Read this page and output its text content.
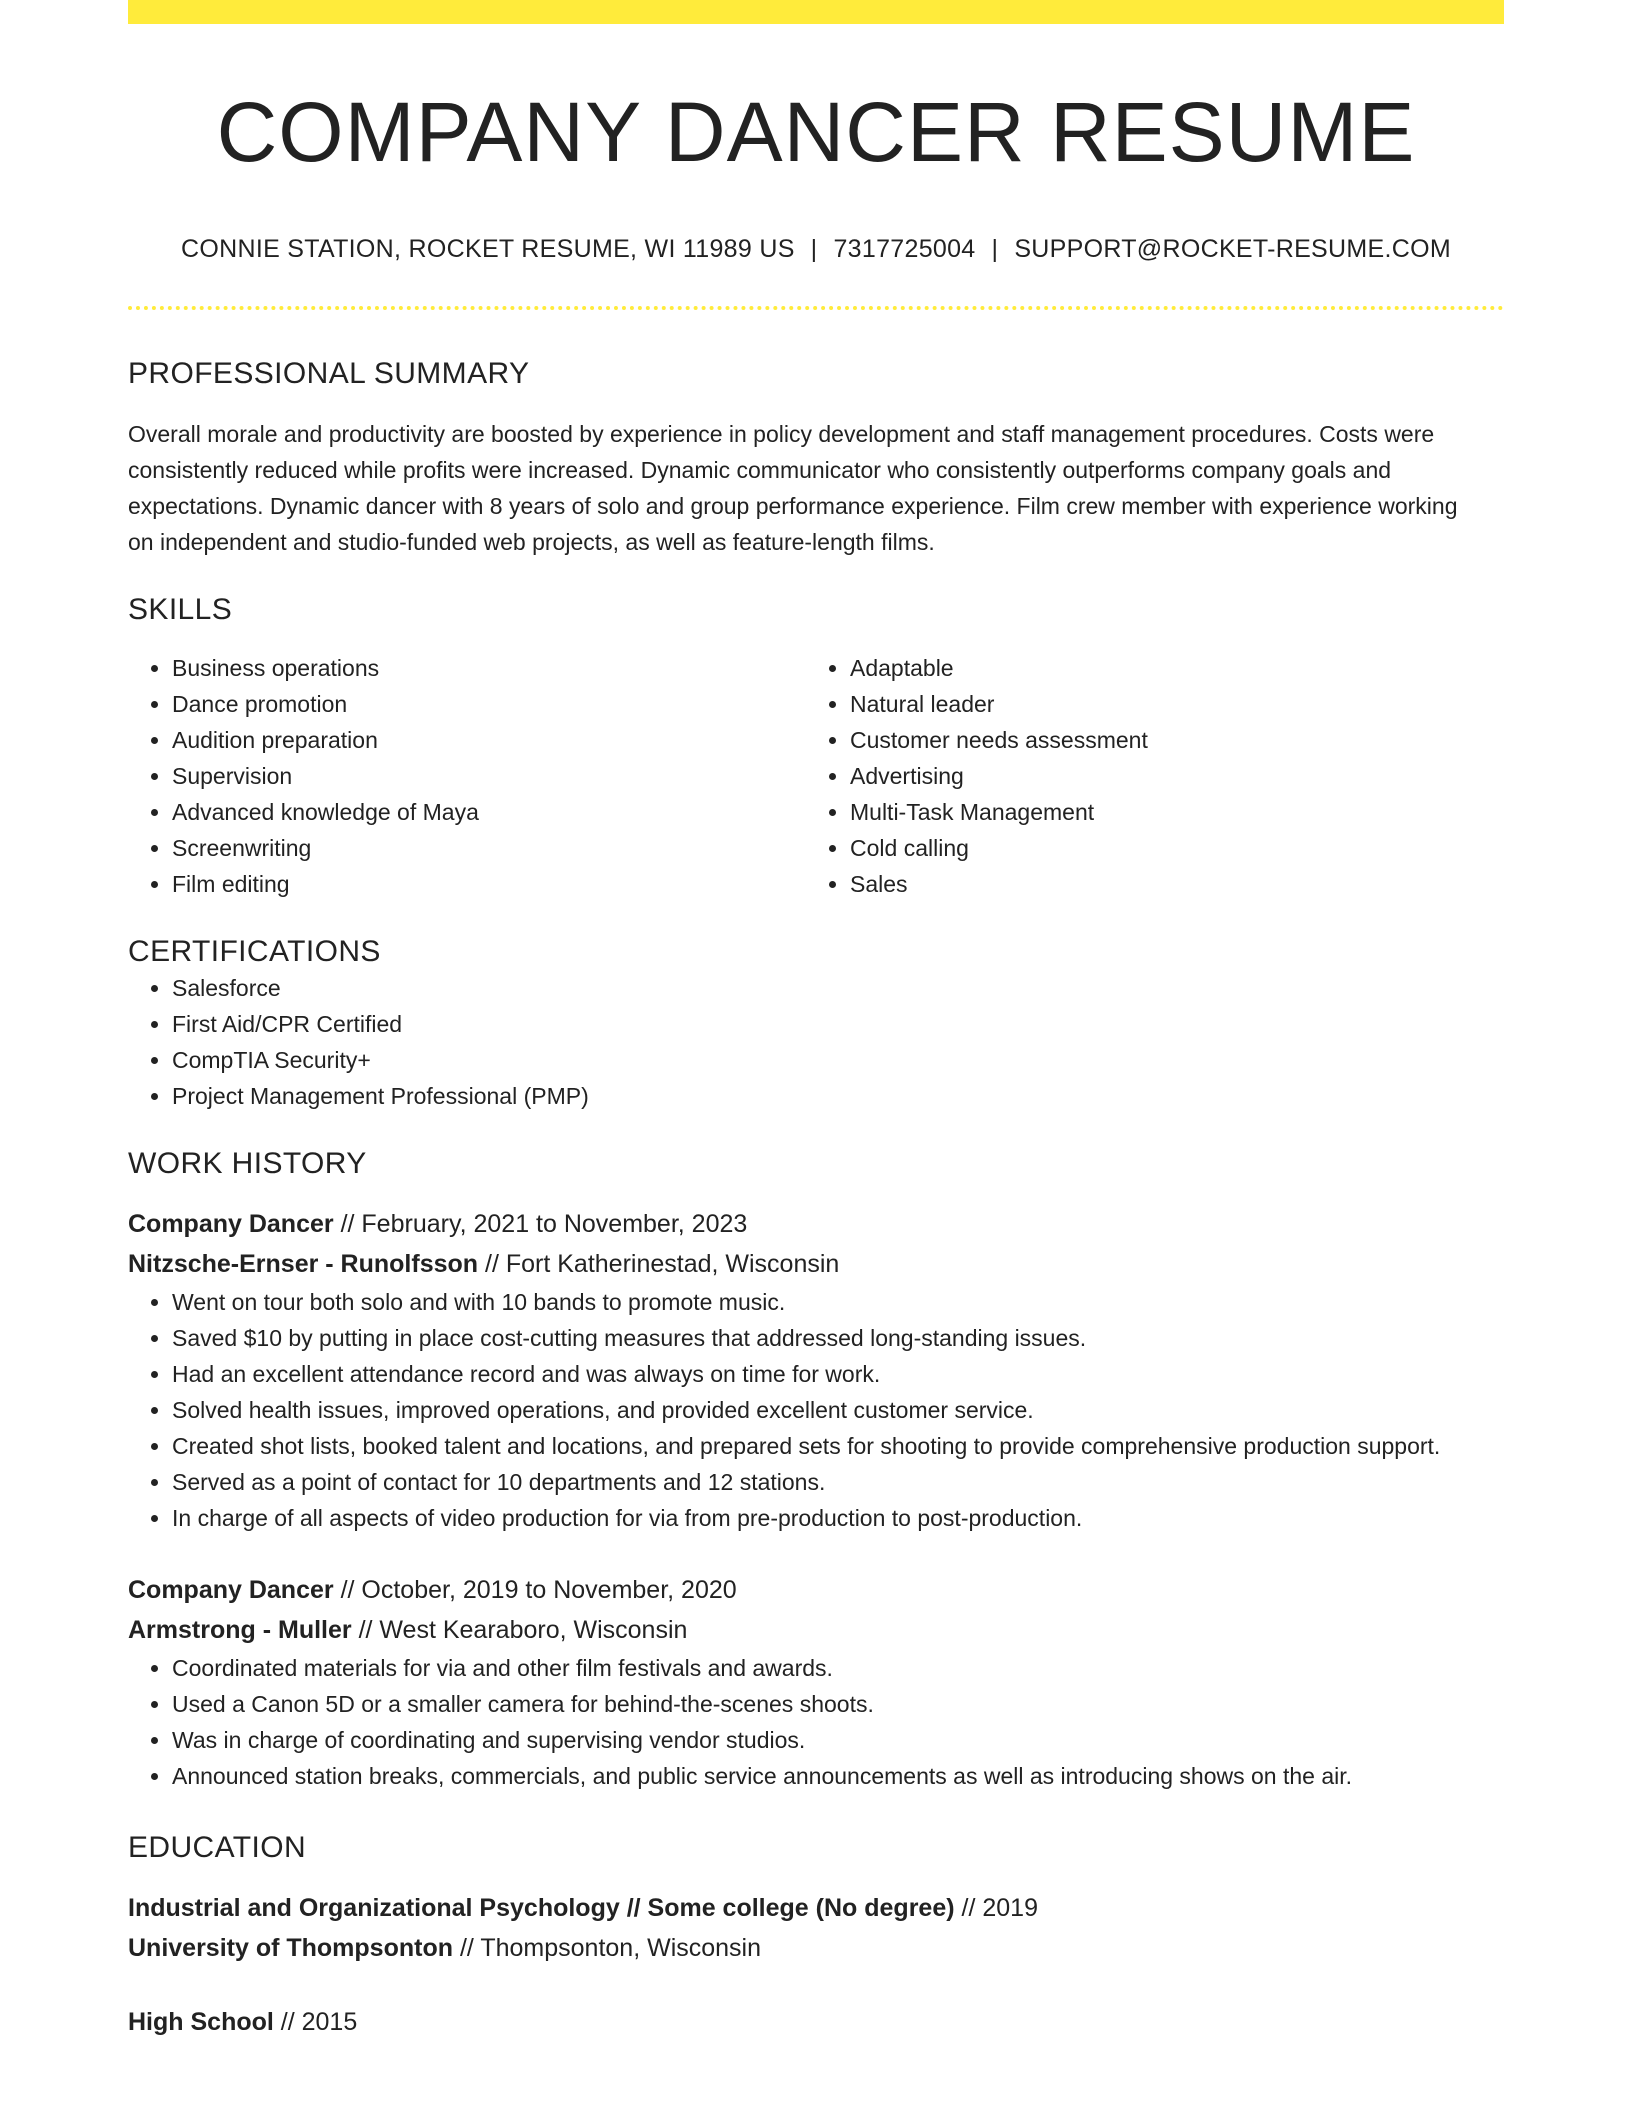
COMPANY DANCER RESUME
CONNIE STATION, ROCKET RESUME, WI 11989 US | 7317725004 | SUPPORT@ROCKET-RESUME.COM
PROFESSIONAL SUMMARY
Overall morale and productivity are boosted by experience in policy development and staff management procedures. Costs were consistently reduced while profits were increased. Dynamic communicator who consistently outperforms company goals and expectations. Dynamic dancer with 8 years of solo and group performance experience. Film crew member with experience working on independent and studio-funded web projects, as well as feature-length films.
SKILLS
• Business operations
• Dance promotion
• Audition preparation
• Supervision
• Advanced knowledge of Maya
• Screenwriting
• Film editing
• Adaptable
• Natural leader
• Customer needs assessment
• Advertising
• Multi-Task Management
• Cold calling
• Sales
CERTIFICATIONS
• Salesforce
• First Aid/CPR Certified
• CompTIA Security+
• Project Management Professional (PMP)
WORK HISTORY
Company Dancer // February, 2021 to November, 2023
Nitzsche-Ernser - Runolfsson // Fort Katherinestad, Wisconsin
• Went on tour both solo and with 10 bands to promote music.
• Saved $10 by putting in place cost-cutting measures that addressed long-standing issues.
• Had an excellent attendance record and was always on time for work.
• Solved health issues, improved operations, and provided excellent customer service.
• Created shot lists, booked talent and locations, and prepared sets for shooting to provide comprehensive production support.
• Served as a point of contact for 10 departments and 12 stations.
• In charge of all aspects of video production for via from pre-production to post-production.
Company Dancer // October, 2019 to November, 2020
Armstrong - Muller // West Kearaboro, Wisconsin
• Coordinated materials for via and other film festivals and awards.
• Used a Canon 5D or a smaller camera for behind-the-scenes shoots.
• Was in charge of coordinating and supervising vendor studios.
• Announced station breaks, commercials, and public service announcements as well as introducing shows on the air.
EDUCATION
Industrial and Organizational Psychology // Some college (No degree) // 2019
University of Thompsonton // Thompsonton, Wisconsin
High School // 2015
